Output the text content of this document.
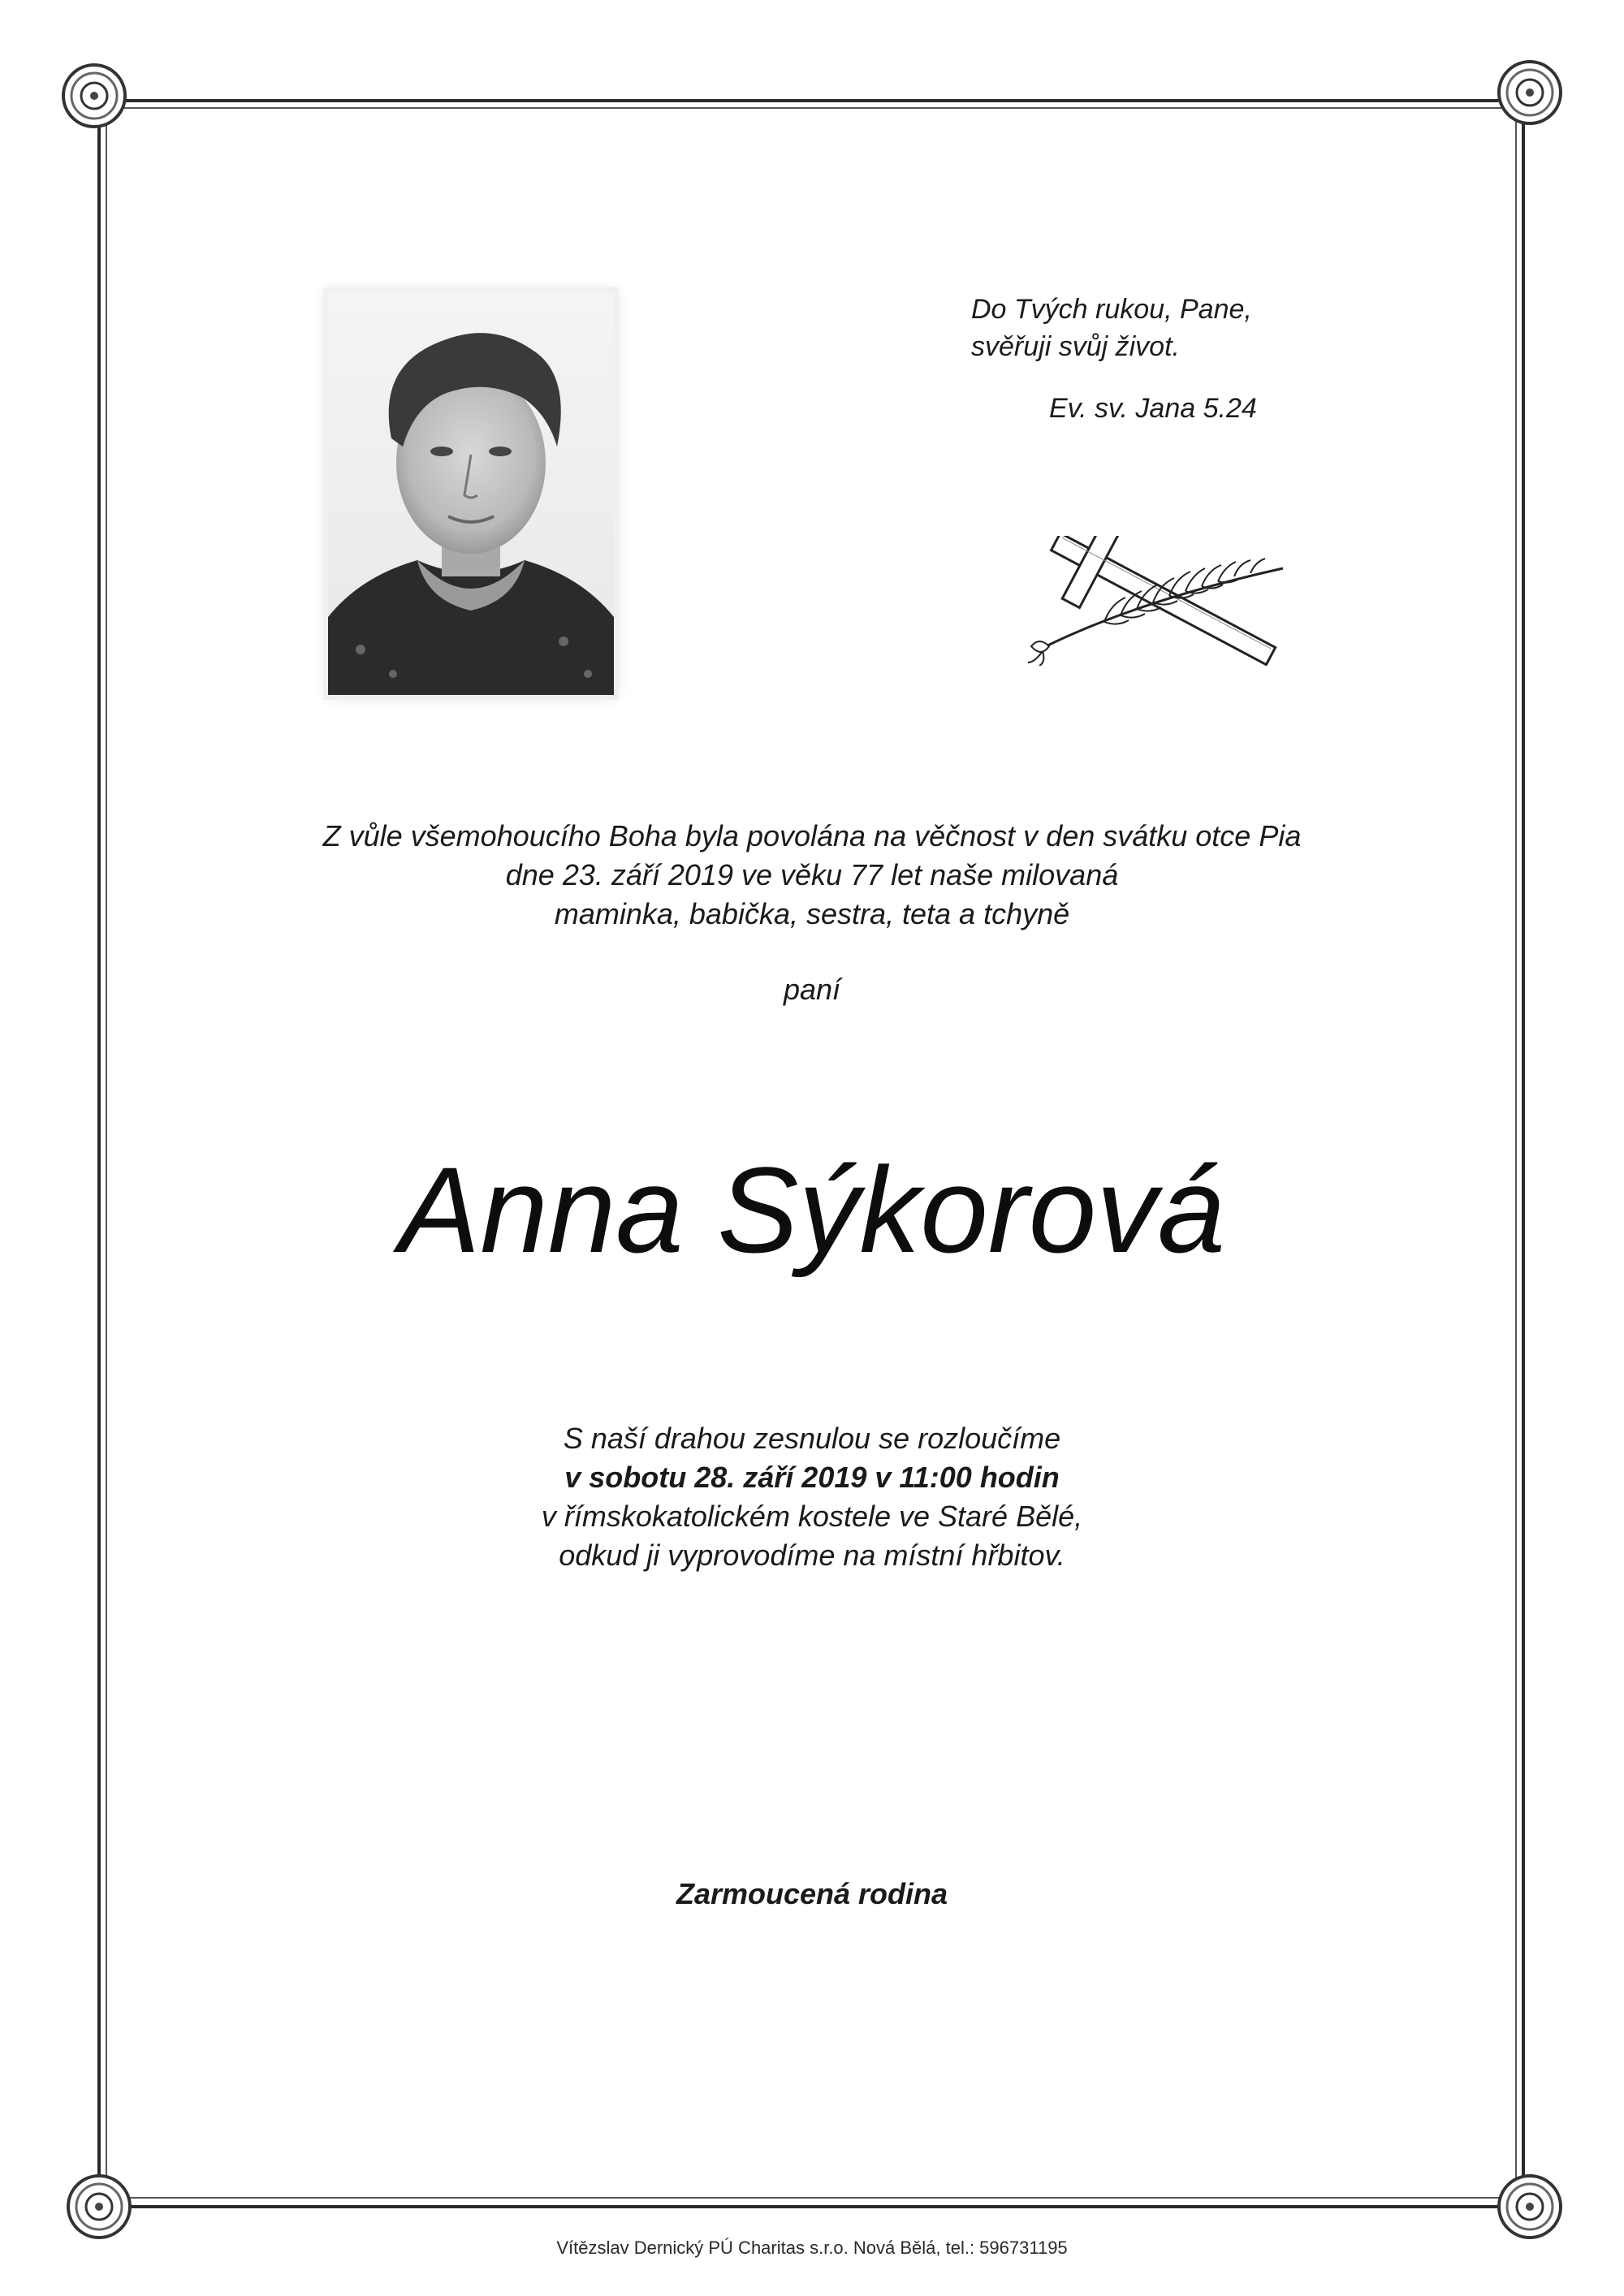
Do Tvých rukou, Pane,
svěřuji svůj život.
Ev. sv. Jana 5.24
Z vůle všemohoucího Boha byla povolána na věčnost v den svátku otce Pia
dne 23. září 2019 ve věku 77 let naše milovaná
maminka, babička, sestra, teta a tchyně
paní
Anna Sýkorová
S naší drahou zesnulou se rozloučíme
v sobotu 28. září 2019 v 11:00 hodin
v římskokatolickém kostele ve Staré Bělé,
odkud ji vyprovodíme na místní hřbitov.
Zarmoucená rodina
Vítězslav Dernický PÚ Charitas s.r.o. Nová Bělá, tel.: 596731195
